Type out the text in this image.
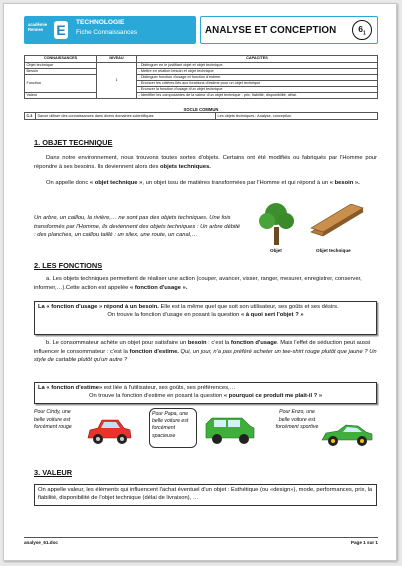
académie Rennes E	TECHNOLOGIE
Fiche Connaissances	ANALYSE ET CONCEPTION	$6_1$
CONNAISSANCES	NIVEAU	CAPACITES
Objet technique	1	- Distinguer en le justifiant objet et objet technique.
Besoin		- Mettre en relation besoin et objet technique
Fonction		- Distinguer fonction d'usage et fonction d'estime.
		- Enoncer les critères liés aux fonctions d'estime pour un objet technique
		- Enoncer la fonction d'usage d'un objet technique
Valeur		- Identifier les composantes de la valeur d'un objet technique : prix, fiabilité, disponibilité, délai.
SOCLE COMMUN
C.3	Savoir utiliser des connaissances dans divers domaines scientifiques	Les objets techniques : Analyse, conception.
1. OBJET TECHNIQUE
Dans notre environnement, nous trouvons toutes sortes d'objets. Certains ont été modifiés ou fabriqués par l'Homme pour répondre à ses besoins. Ils deviennent alors des objets techniques.
On appelle donc « objet technique », un objet issu de matières transformées par l'Homme et qui répond à un « besoin ».
Un arbre, un caillou, la rivière,… ne sont pas des objets techniques. Une fois transformés par l'Homme, ils deviennent des objets techniques : Un arbre débité : des planches, un caillou taillé : un silex, une route, un canal,…
Objet	Objet technique
2. LES FONCTIONS
a. Les objets techniques permettent de réaliser une action (couper, avancer, visser, ranger, mesurer, enregistrer, conserver, informer,…).Cette action est appelée « fonction d'usage ».
La « fonction d'usage » répond à un besoin. Elle est la même quel que soit son utilisateur, ses goûts et ses désirs.
On trouve la fonction d'usage en posant la question « à quoi sert l'objet ? »
b. Le consommateur achète un objet pour satisfaire un besoin : c'est la fonction d'usage. Mais l'effet de séduction peut aussi influencer le consommateur : c'est la fonction d'estime. Qui, un jour, n'a pas préféré acheter un tee-shirt rouge plutôt que jaune ? Un style de cartable plutôt qu'un autre ?
La « fonction d'estime» est liée à l'utilisateur, ses goûts, ses préférences,…
On trouve la fonction d'estime en posant la question « pourquoi ce produit me plait-il ? »
Pour Cindy, une belle voiture est forcément rouge
Pour Papa, une belle voiture est forcément spacieuse
Pour Enzo, une belle voiture est forcément sportive
3. VALEUR
On appelle valeur, les éléments qui influencent l'achat éventuel d'un objet : Esthétique (ou «design»), mode, performances, prix, la fiabilité, disponibilité de l'objet technique (délai de livraison), …
analyse_61.doc	Page 1 sur 1
